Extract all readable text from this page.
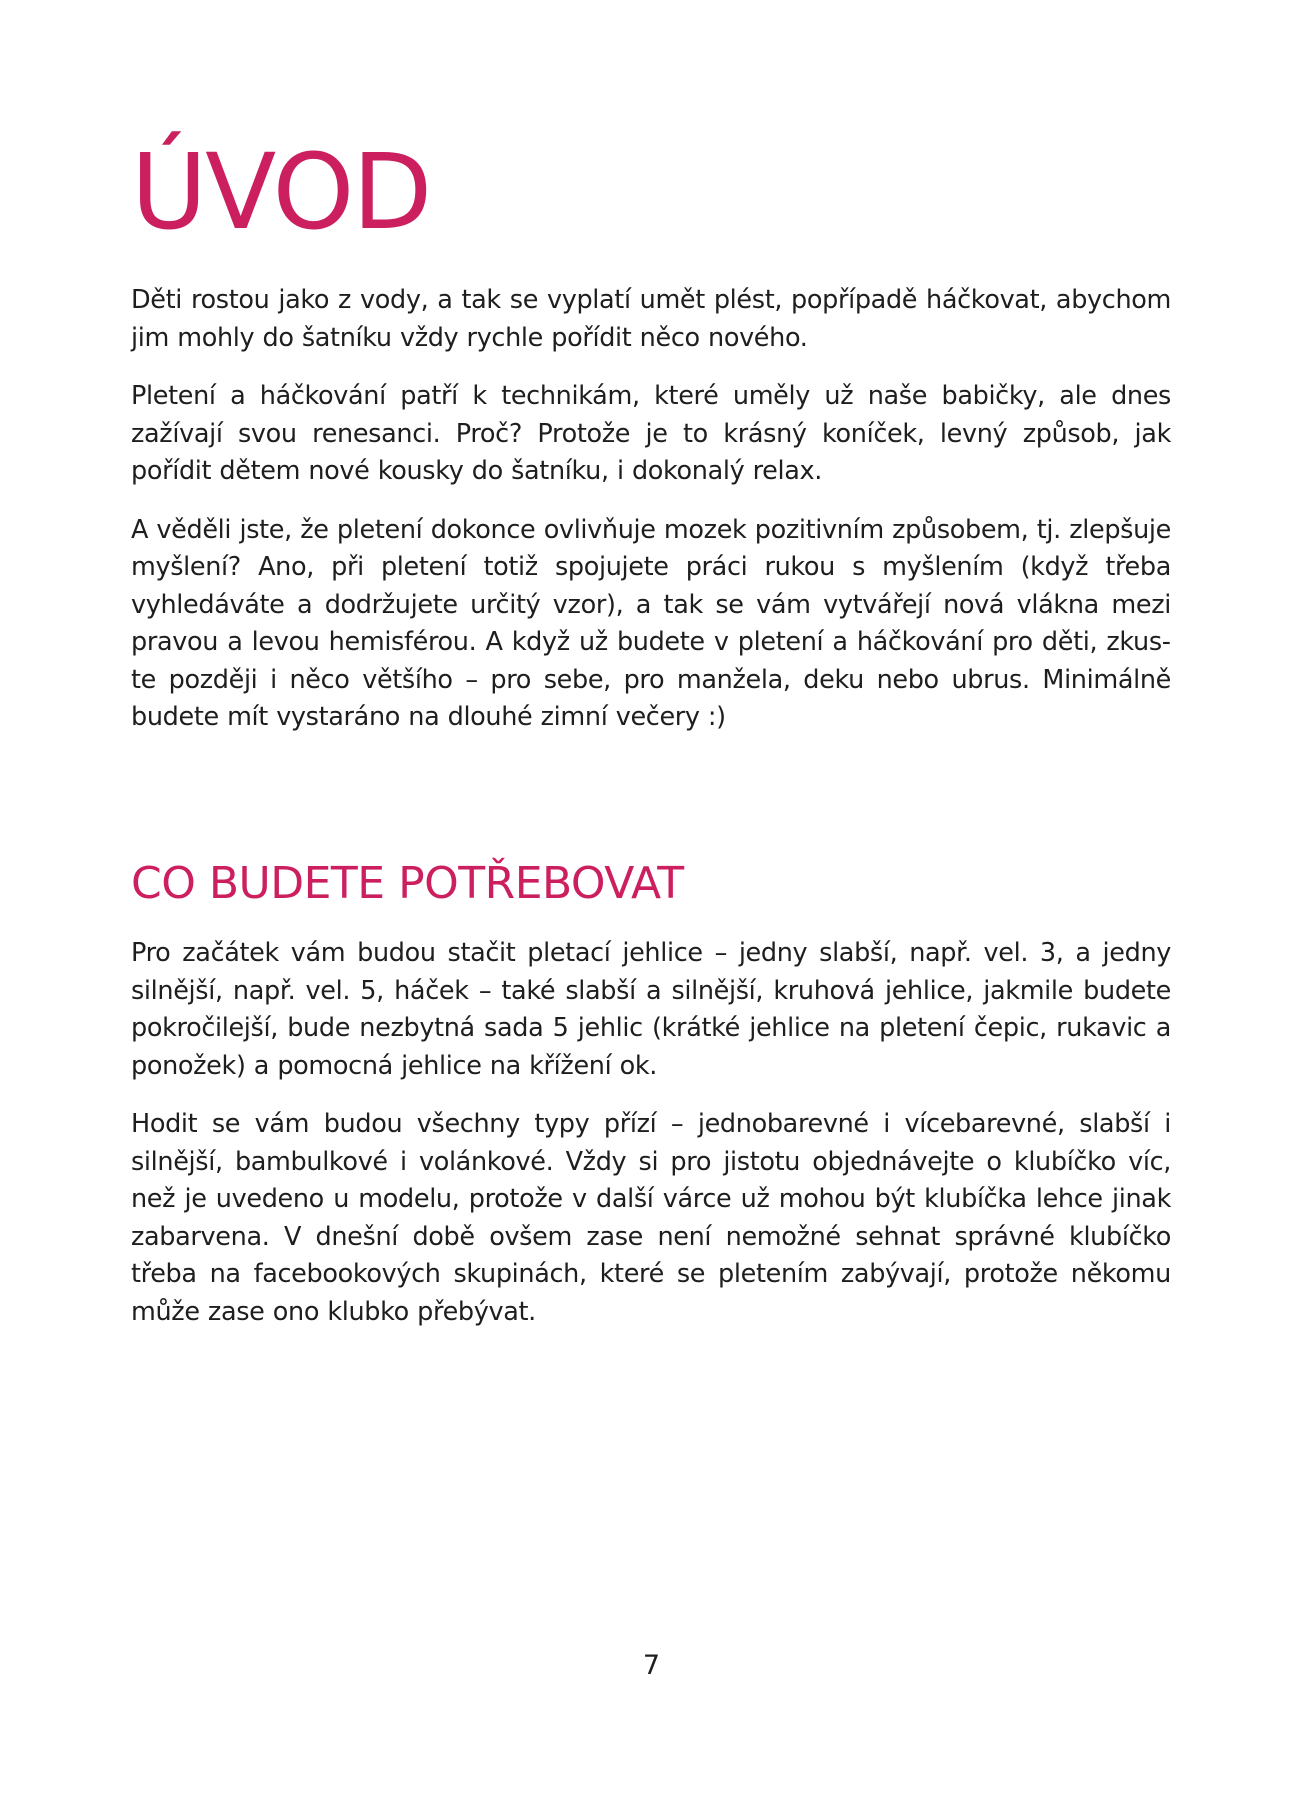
ÚVOD

Děti rostou jako z vody, a tak se vyplatí umět plést, popřípadě háčkovat, abychom jim mohly do šatníku vždy rychle pořídit něco nového.

Pletení a háčkování patří k technikám, které uměly už naše babičky, ale dnes zažívají svou renesanci. Proč? Protože je to krásný koníček, levný způsob, jak pořídit dětem nové kousky do šatníku, i dokonalý relax.

A věděli jste, že pletení dokonce ovlivňuje mozek pozitivním způsobem, tj. zlepšuje myšlení? Ano, při pletení totiž spojujete práci rukou s myšlením (když třeba vyhledáváte a dodržujete určitý vzor), a tak se vám vytvářejí nová vlákna mezi pravou a levou hemisférou. A když už budete v pletení a háčkování pro děti, zkuste později i něco většího – pro sebe, pro manžela, deku nebo ubrus. Minimálně budete mít vystaráno na dlouhé zimní večery :)

CO BUDETE POTŘEBOVAT

Pro začátek vám budou stačit pletací jehlice – jedny slabší, např. vel. 3, a jedny silnější, např. vel. 5, háček – také slabší a silnější, kruhová jehlice, jakmile budete pokročilejší, bude nezbytná sada 5 jehlic (krátké jehlice na pletení čepic, rukavic a ponožek) a pomocná jehlice na křížení ok.

Hodit se vám budou všechny typy přízí – jednobarevné i vícebarevné, slabší i silnější, bambulkové i volánkové. Vždy si pro jistotu objednávejte o klubíčko víc, než je uvedeno u modelu, protože v další várce už mohou být klubíčka lehce jinak zabarvena. V dnešní době ovšem zase není nemožné sehnat správné klubíčko třeba na facebookových skupinách, které se pletením zabývají, protože někomu může zase ono klubko přebývat.

7
